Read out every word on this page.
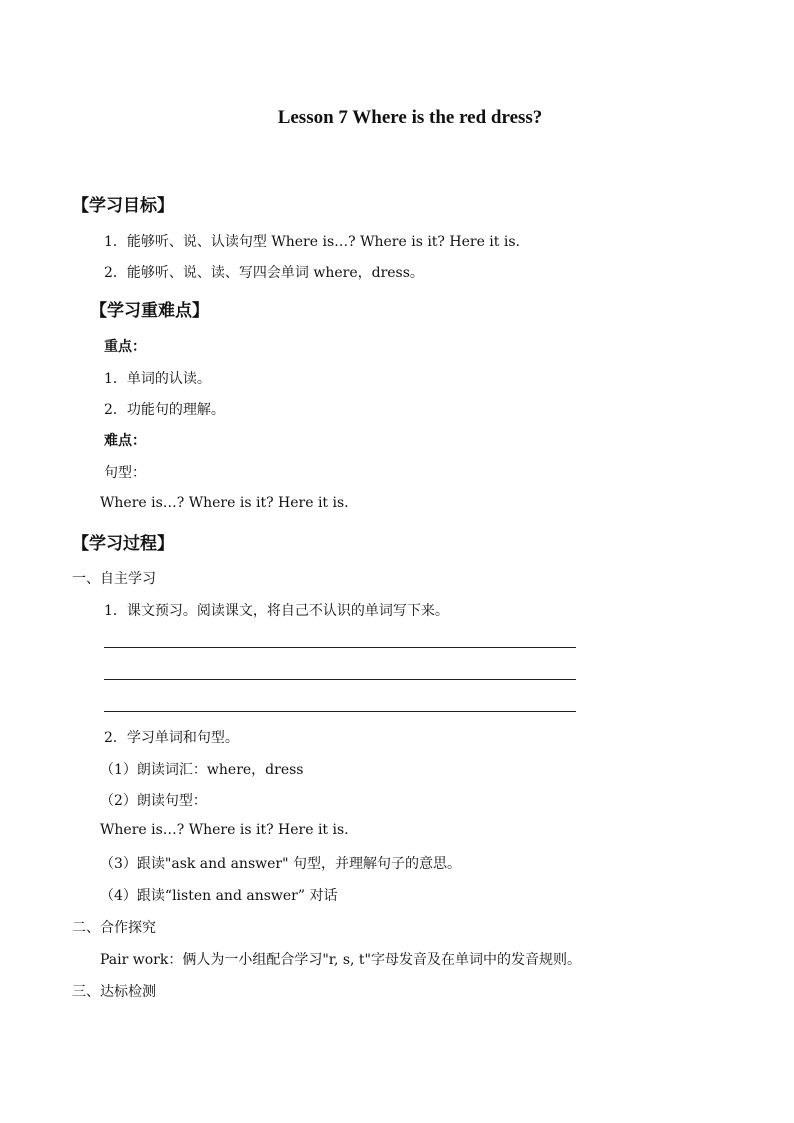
Lesson 7 Where is the red dress?
【学习目标】
1．能够听、说、认读句型 Where is…? Where is it? Here it is.
2．能够听、说、读、写四会单词 where，dress。
【学习重难点】
重点：
1．单词的认读。
2．功能句的理解。
难点：
句型：
Where is…? Where is it? Here it is.
【学习过程】
一、自主学习
1．课文预习。阅读课文，将自己不认识的单词写下来。
2．学习单词和句型。
（1）朗读词汇：where，dress
（2）朗读句型：
Where is…? Where is it? Here it is.
（3）跟读"ask and answer" 句型，并理解句子的意思。
（4）跟读“listen and answer” 对话
二、合作探究
Pair work：俩人为一小组配合学习"r, s, t"字母发音及在单词中的发音规则。
三、达标检测
